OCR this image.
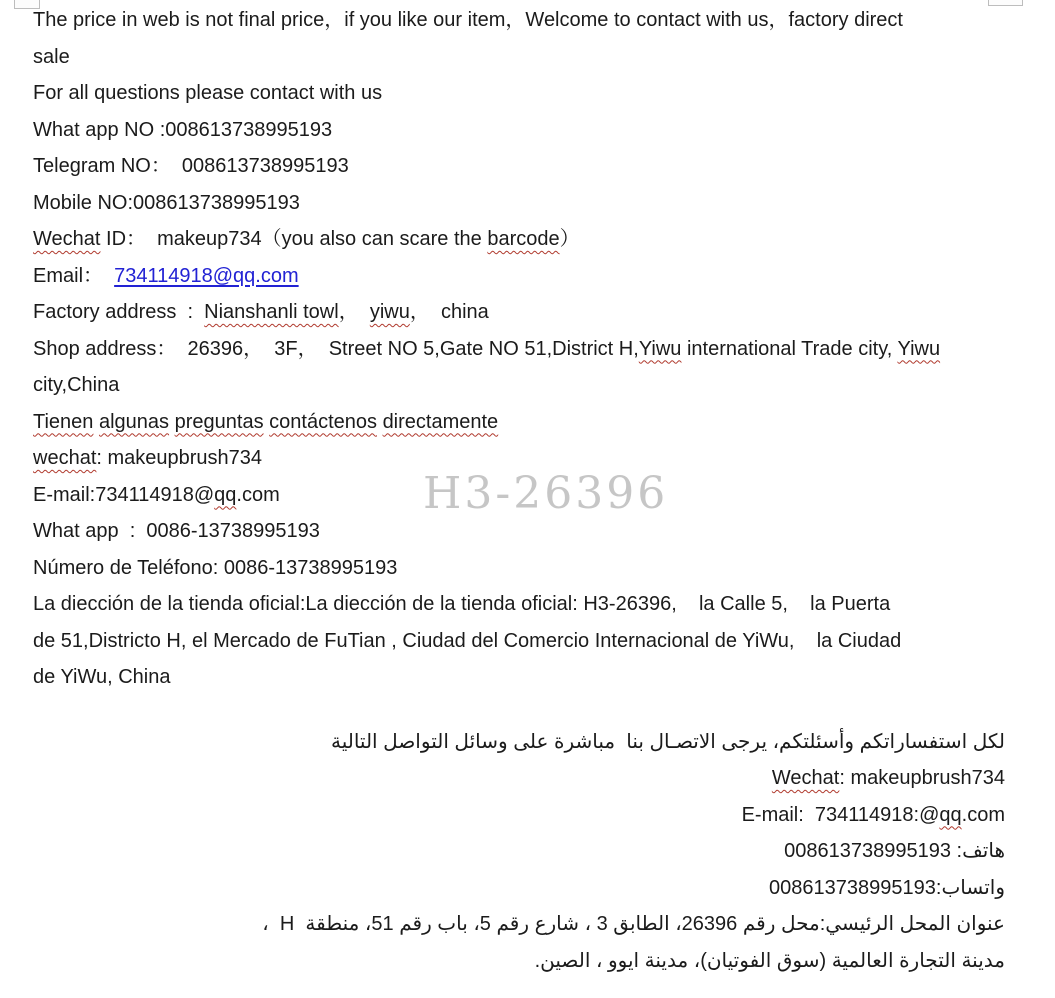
H3-26396
The price in web is not final price，if you like our item，Welcome to contact with us，factory direct
sale
For all questions please contact with us
What app NO :008613738995193
Telegram NO：  008613738995193
Mobile NO:008613738995193
Wechat ID：  makeup734（you also can scare the barcode）
Email：  734114918@qq.com
Factory address  :  Nianshanli towl，  yiwu，  china
Shop address：  26396，  3F，  Street NO 5,Gate NO 51,District H,Yiwu international Trade city, Yiwu
city,China
Tienen algunas preguntas contáctenos directamente
wechat: makeupbrush734
E-mail:734114918@qq.com
What app  :  0086-13738995193
Número de Teléfono: 0086-13738995193
La diección de la tienda oficial:La diección de la tienda oficial: H3-26396,    la Calle 5,    la Puerta
de 51,Districto H, el Mercado de FuTian , Ciudad del Comercio Internacional de YiWu,    la Ciudad
de YiWu, China
لكل استفساراتكم وأسئلتكم، يرجى الاتصـال بنا  مباشرة على وسائل التواصل التالية
Wechat: makeupbrush734
E-mail:  734114918:@qq.com
هاتف: 008613738995193
واتساب:008613738995193
عنوان المحل الرئيسي:محل رقم 26396، الطابق 3 ، شارع رقم 5، باب رقم 51، منطقة  H  ،
مدينة التجارة العالمية (سوق الفوتيان)، مدينة ايوو ، الصين.
